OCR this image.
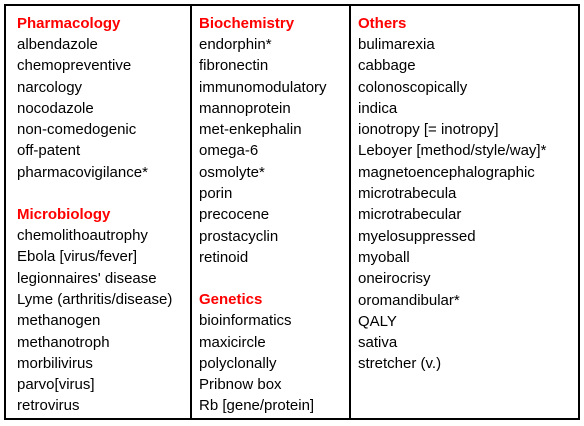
Pharmacology
albendazole
chemopreventive
narcology
nocodazole
non-comedogenic
off-patent
pharmacovigilance*
Microbiology
chemolithoautrophy
Ebola [virus/fever]
legionnaires' disease
Lyme (arthritis/disease)
methanogen
methanotroph
morbilivirus
parvo[virus]
retrovirus
Biochemistry
endorphin*
fibronectin
immunomodulatory
mannoprotein
met-enkephalin
omega-6
osmolyte*
porin
precocene
prostacyclin
retinoid
Genetics
bioinformatics
maxicircle
polyclonally
Pribnow box
Rb [gene/protein]
Others
bulimarexia
cabbage
colonoscopically
indica
ionotropy [= inotropy]
Leboyer [method/style/way]*
magnetoencephalographic
microtrabecula
microtrabecular
myelosuppressed
myoball
oneirocrisy
oromandibular*
QALY
sativa
stretcher (v.)
